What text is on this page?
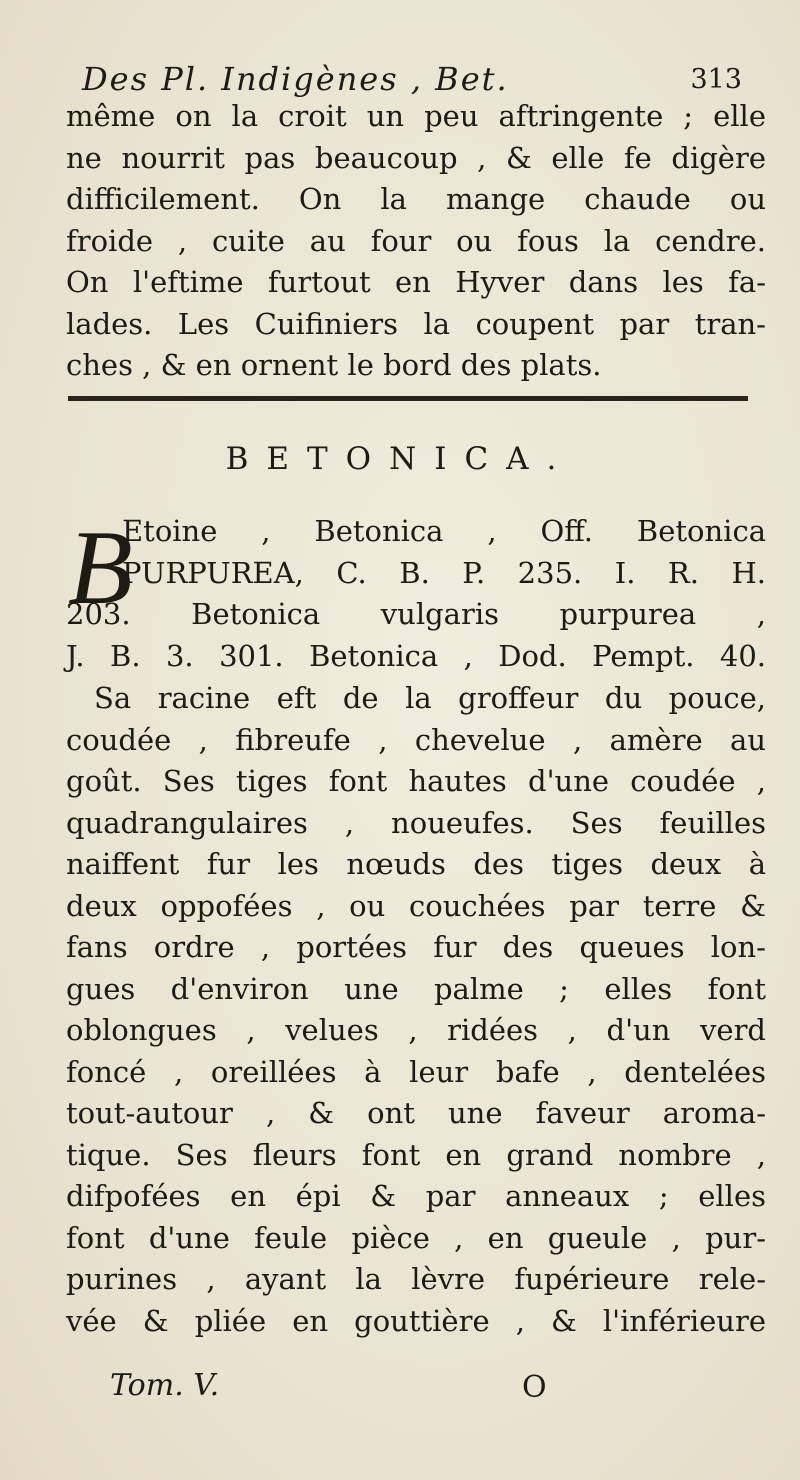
Des Pl. Indigènes , Bet.	313
même on la croit un peu aftringente ; elle
ne nourrit pas beaucoup , & elle fe digère
difficilement. On la mange chaude ou
froide , cuite au four ou fous la cendre.
On l'eftime furtout en Hyver dans les fa-
lades. Les Cuifiniers la coupent par tran-
ches , & en ornent le bord des plats.
BETONICA.
B
Etoine , Betonica , Off. Betonica
PURPUREA, C. B. P. 235. I. R. H.
203. Betonica vulgaris purpurea ,
J. B. 3. 301. Betonica , Dod. Pempt. 40.
Sa racine eft de la groffeur du pouce,
coudée , fibreufe , chevelue , amère au
goût. Ses tiges font hautes d'une coudée ,
quadrangulaires , noueufes. Ses feuilles
naiffent fur les nœuds des tiges deux à
deux oppofées , ou couchées par terre &
fans ordre , portées fur des queues lon-
gues d'environ une palme ; elles font
oblongues , velues , ridées , d'un verd
foncé , oreillées à leur bafe , dentelées
tout-autour , & ont une faveur aroma-
tique. Ses fleurs font en grand nombre ,
difpofées en épi & par anneaux ; elles
font d'une feule pièce , en gueule , pur-
purines , ayant la lèvre fupérieure rele-
vée & pliée en gouttière , & l'inférieure
Tom. V.	O
